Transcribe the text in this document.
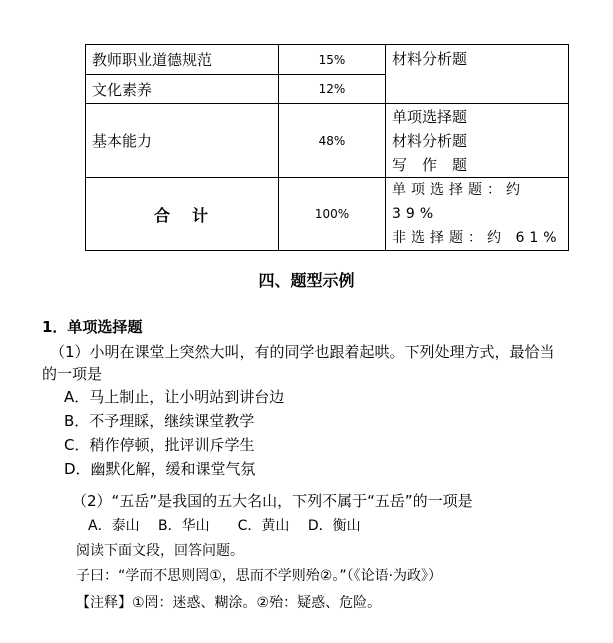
教师职业道德规范	15%	材料分析题
文化素养	12%	
基本能力	48%	单项选择题
材料分析题
写　作　题

合计	100%	单项选择题：约 39%
非选择题：约 61%
四、题型示例
1．单项选择题
（1）小明在课堂上突然大叫，有的同学也跟着起哄。下列处理方式，最恰当
的一项是
A．马上制止，让小明站到讲台边
B．不予理睬，继续课堂教学
C．稍作停顿，批评训斥学生
D．幽默化解，缓和课堂气氛
（2）“五岳”是我国的五大名山，下列不属于“五岳”的一项是
A．泰山　 B．华山　　C．黄山　 D．衡山
阅读下面文段，回答问题。
子曰：“学而不思则罔①，思而不学则殆②。”（《论语·为政》）
【注释】①罔：迷惑、糊涂。②殆：疑惑、危险。
